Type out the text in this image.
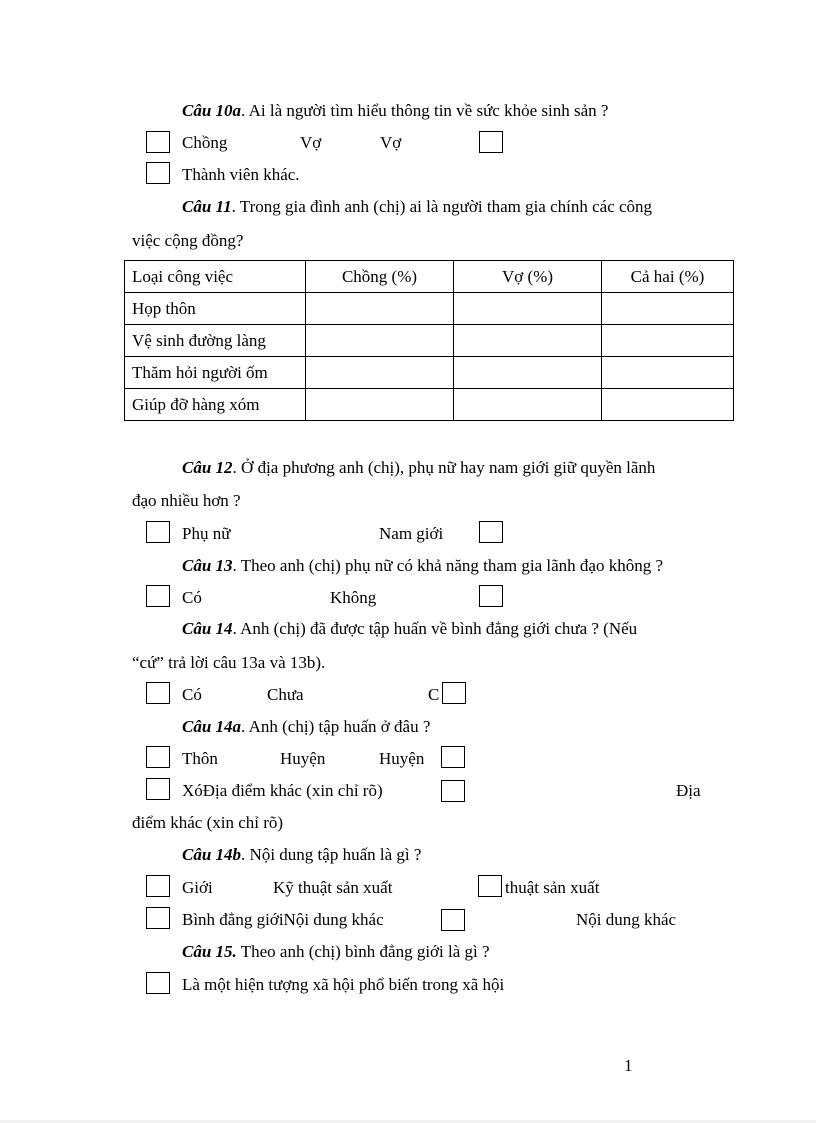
Câu 10a. Ai là người tìm hiểu thông tin về sức khỏe sinh sản ?
Chồng	Vợ	Vợ
Thành viên khác.
Câu 11. Trong gia đình anh (chị) ai là người tham gia chính các công
việc cộng đồng?
Loại công việc	Chồng (%)	Vợ (%)	Cả hai (%)
Họp thôn			
Vệ sinh đường làng			
Thăm hỏi người ốm			
Giúp đỡ hàng xóm			
Câu 12. Ở địa phương anh (chị), phụ nữ hay nam giới giữ quyền lãnh
đạo nhiều hơn ?
Phụ nữ	Nam giới
Câu 13. Theo anh (chị) phụ nữ có khả năng tham gia lãnh đạo không ?
Có	Không
Câu 14. Anh (chị) đã được tập huấn về bình đẳng giới chưa ? (Nếu
“cứ” trả lời câu 13a và 13b).
Có	Chưa	C
Câu 14a. Anh (chị) tập huấn ở đâu ?
Thôn	Huyện	Huyện
XóĐịa điểm khác (xin chỉ rõ)	Địa
điểm khác (xin chỉ rõ)
Câu 14b. Nội dung tập huấn là gì ?
Giới	Kỹ thuật sản xuất	thuật sản xuất
Bình đẳng giớiNội dung khác	Nội dung khác
Câu 15. Theo anh (chị) bình đẳng giới là gì ?
Là một hiện tượng xã hội phổ biến trong xã hội
1
